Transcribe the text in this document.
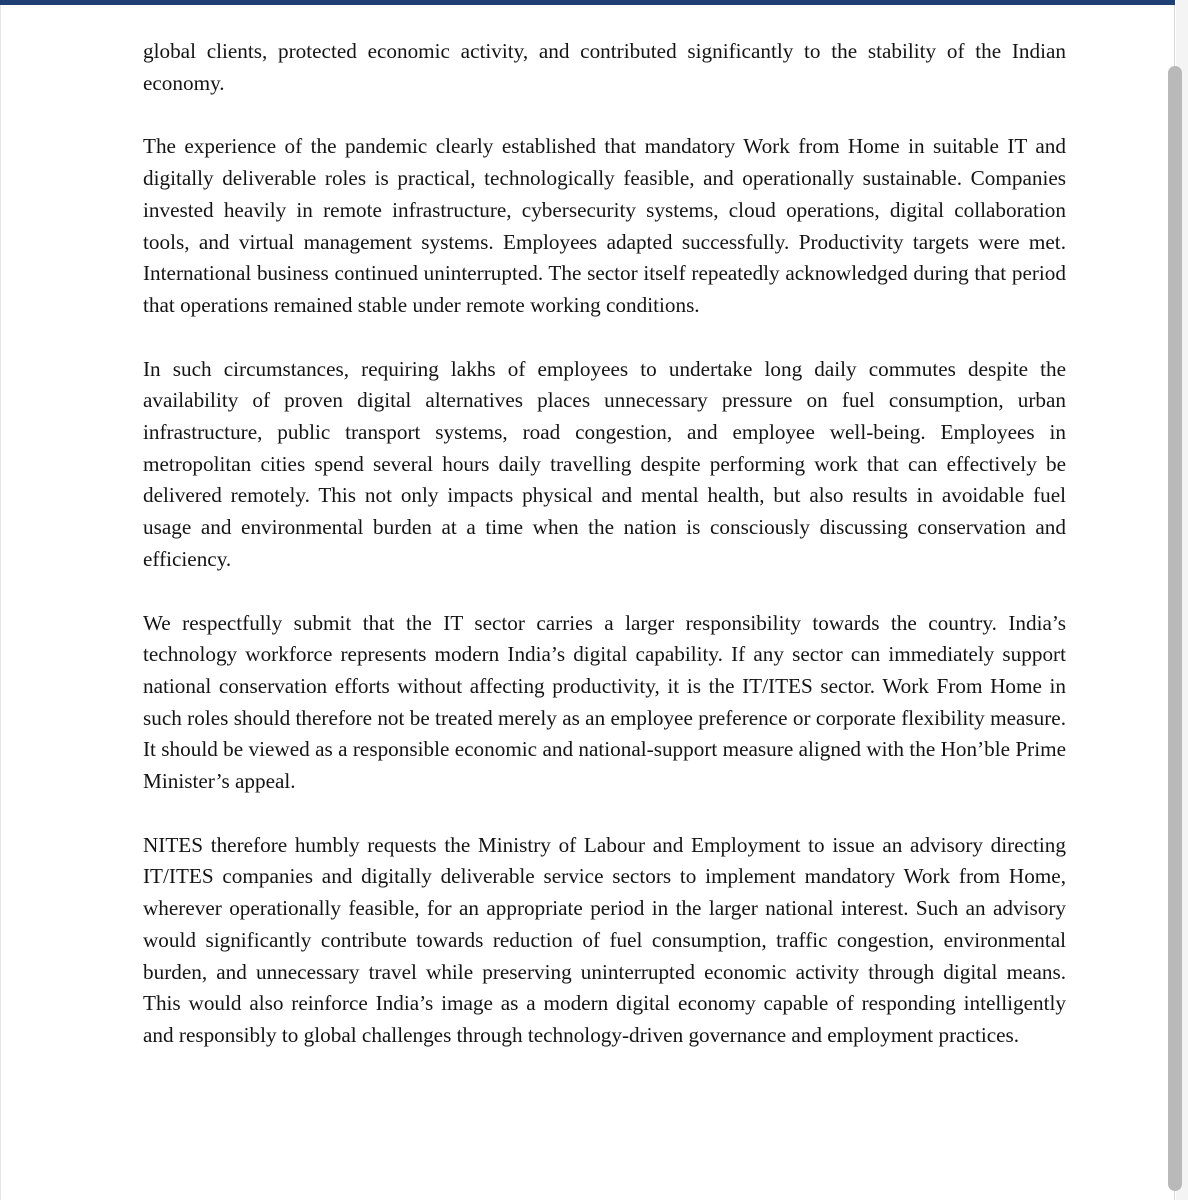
global clients, protected economic activity, and contributed significantly to the stability of the Indian economy.

The experience of the pandemic clearly established that mandatory Work from Home in suitable IT and digitally deliverable roles is practical, technologically feasible, and operationally sustainable. Companies invested heavily in remote infrastructure, cybersecurity systems, cloud operations, digital collaboration tools, and virtual management systems. Employees adapted successfully. Productivity targets were met. International business continued uninterrupted. The sector itself repeatedly acknowledged during that period that operations remained stable under remote working conditions.

In such circumstances, requiring lakhs of employees to undertake long daily commutes despite the availability of proven digital alternatives places unnecessary pressure on fuel consumption, urban infrastructure, public transport systems, road congestion, and employee well-being. Employees in metropolitan cities spend several hours daily travelling despite performing work that can effectively be delivered remotely. This not only impacts physical and mental health, but also results in avoidable fuel usage and environmental burden at a time when the nation is consciously discussing conservation and efficiency.

We respectfully submit that the IT sector carries a larger responsibility towards the country. India’s technology workforce represents modern India’s digital capability. If any sector can immediately support national conservation efforts without affecting productivity, it is the IT/ITES sector. Work From Home in such roles should therefore not be treated merely as an employee preference or corporate flexibility measure. It should be viewed as a responsible economic and national-support measure aligned with the Hon’ble Prime Minister’s appeal.

NITES therefore humbly requests the Ministry of Labour and Employment to issue an advisory directing IT/ITES companies and digitally deliverable service sectors to implement mandatory Work from Home, wherever operationally feasible, for an appropriate period in the larger national interest. Such an advisory would significantly contribute towards reduction of fuel consumption, traffic congestion, environmental burden, and unnecessary travel while preserving uninterrupted economic activity through digital means. This would also reinforce India’s image as a modern digital economy capable of responding intelligently and responsibly to global challenges through technology-driven governance and employment practices.
